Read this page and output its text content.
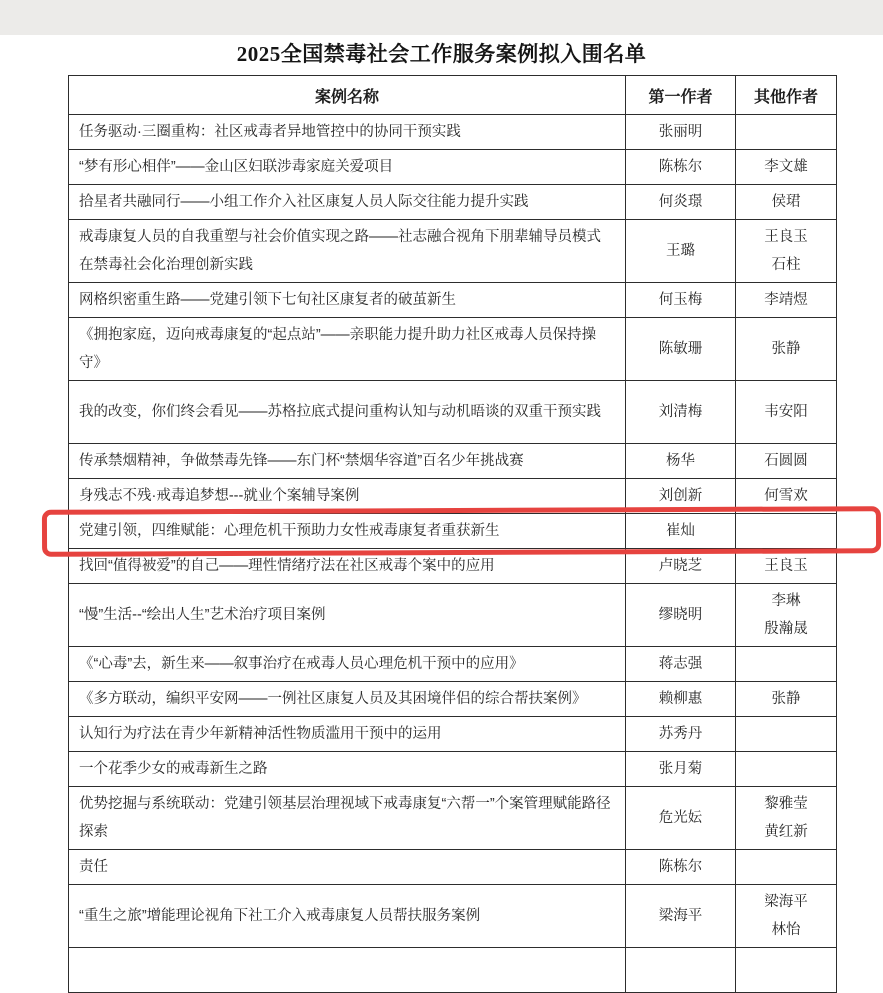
2025全国禁毒社会工作服务案例拟入围名单
案例名称	第一作者	其他作者
任务驱动·三圈重构：社区戒毒者异地管控中的协同干预实践	张丽明	
“梦有形心相伴”——金山区妇联涉毒家庭关爱项目	陈栋尔	李文雄

拾星者共融同行——小组工作介入社区康复人员人际交往能力提升实践	何炎璟	侯珺

戒毒康复人员的自我重塑与社会价值实现之路——社志融合视角下朋辈辅导员模式在禁毒社会化治理创新实践	王璐	王良玉
石柱

网格织密重生路——党建引领下七旬社区康复者的破茧新生	何玉梅	李靖煜

《拥抱家庭，迈向戒毒康复的“起点站”——亲职能力提升助力社区戒毒人员保持操守》	陈敏珊	张静

我的改变，你们终会看见——苏格拉底式提问重构认知与动机晤谈的双重干预实践	刘清梅	韦安阳

传承禁烟精神，争做禁毒先锋——东门杯“禁烟华容道”百名少年挑战赛	杨华	石圆圆

身残志不残·戒毒追梦想---就业个案辅导案例	刘创新	何雪欢

党建引领，四维赋能：心理危机干预助力女性戒毒康复者重获新生	崔灿	
找回“值得被爱”的自己——理性情绪疗法在社区戒毒个案中的应用	卢晓芝	王良玉

“慢”生活--“绘出人生”艺术治疗项目案例	缪晓明	李琳
殷瀚晟

《“心毒”去，新生来——叙事治疗在戒毒人员心理危机干预中的应用》	蒋志强	
《多方联动，编织平安网——一例社区康复人员及其困境伴侣的综合帮扶案例》	赖柳惠	张静

认知行为疗法在青少年新精神活性物质滥用干预中的运用	苏秀丹	
一个花季少女的戒毒新生之路	张月菊	
优势挖掘与系统联动：党建引领基层治理视域下戒毒康复“六帮一”个案管理赋能路径探索	危光妘	黎雅莹
黄红新

责任	陈栋尔	
“重生之旅”增能理论视角下社工介入戒毒康复人员帮扶服务案例	梁海平	梁海平
林怡
